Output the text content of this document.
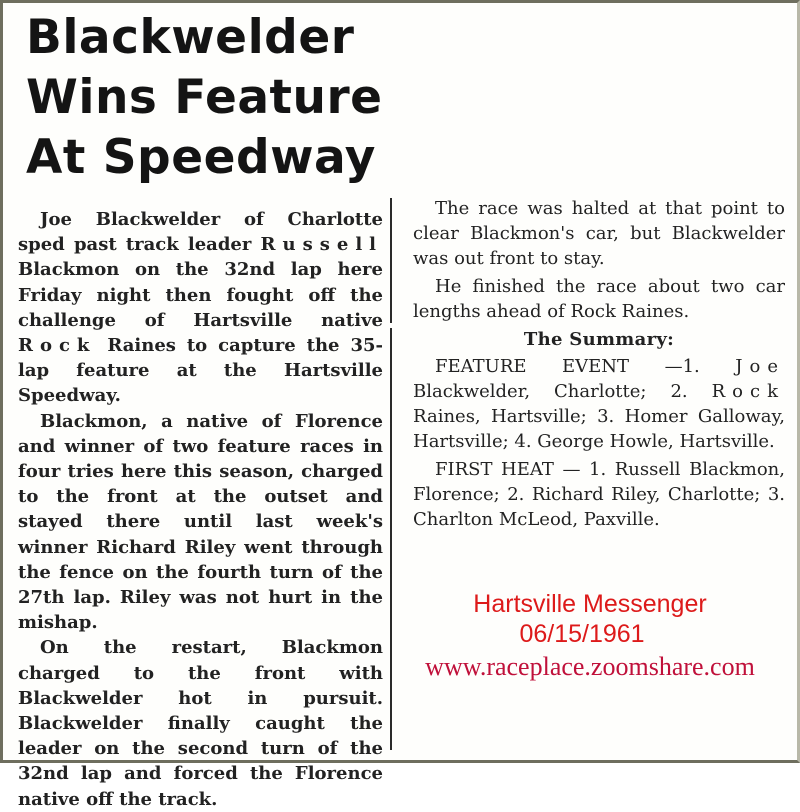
Blackwelder
Wins Feature
At Speedway

Joe Blackwelder of Charlotte sped past track leader Russell Blackmon on the 32nd lap here Friday night then fought off the challenge of Hartsville native Rock Raines to capture the 35-lap feature at the Hartsville Speedway.

Blackmon, a native of Florence and winner of two feature races in four tries here this season, charged to the front at the outset and stayed there until last week's winner Richard Riley went through the fence on the fourth turn of the 27th lap. Riley was not hurt in the mishap.

On the restart, Blackmon charged to the front with Blackwelder hot in pursuit. Blackwelder finally caught the leader on the second turn of the 32nd lap and forced the Florence native off the track.

The race was halted at that point to clear Blackmon's car, but Blackwelder was out front to stay.

He finished the race about two car lengths ahead of Rock Raines.

The Summary:

FEATURE EVENT —1. Joe Blackwelder, Charlotte; 2. Rock Raines, Hartsville; 3. Homer Galloway, Hartsville; 4. George Howle, Hartsville.

FIRST HEAT — 1. Russell Blackmon, Florence; 2. Richard Riley, Charlotte; 3. Charlton McLeod, Paxville.

Hartsville Messenger
06/15/1961
www.raceplace.zoomshare.com
